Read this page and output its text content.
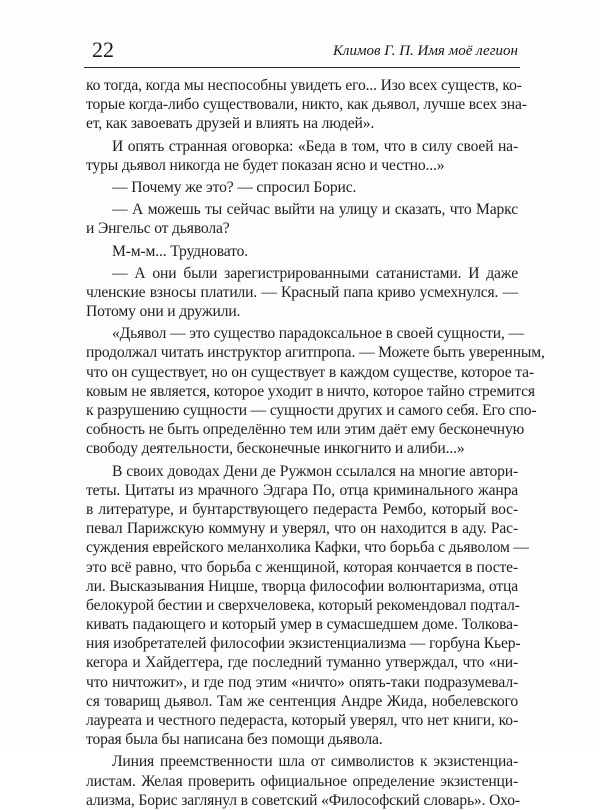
22	Климов Г. П. Имя моё легион
ко тогда, когда мы неспособны увидеть его... Изо всех существ, ко-
торые когда-либо существовали, никто, как дьявол, лучше всех зна-
ет, как завоевать друзей и влиять на людей».
И опять странная оговорка: «Беда в том, что в силу своей на-
туры дьявол никогда не будет показан ясно и честно...»
— Почему же это? — спросил Борис.
— А можешь ты сейчас выйти на улицу и сказать, что Маркс
и Энгельс от дьявола?
М-м-м... Трудновато.
— А они были зарегистрированными сатанистами. И даже
членские взносы платили. — Красный папа криво усмехнулся. —
Потому они и дружили.
«Дьявол — это существо парадоксальное в своей сущности, —
продолжал читать инструктор агитпропа. — Можете быть уверенным,
что он существует, но он существует в каждом существе, которое та-
ковым не является, которое уходит в ничто, которое тайно стремится
к разрушению сущности — сущности других и самого себя. Его спо-
собность не быть определённо тем или этим даёт ему бесконечную
свободу деятельности, бесконечные инкогнито и алиби...»
В своих доводах Дени де Ружмон ссылался на многие автори-
теты. Цитаты из мрачного Эдгара По, отца криминального жанра
в литературе, и бунтарствующего педераста Рембо, который вос-
певал Парижскую коммуну и уверял, что он находится в аду. Рас-
суждения еврейского меланхолика Кафки, что борьба с дьяволом —
это всё равно, что борьба с женщиной, которая кончается в посте-
ли. Высказывания Ницше, творца философии волюнтаризма, отца
белокурой бестии и сверхчеловека, который рекомендовал подтал-
кивать падающего и который умер в сумасшедшем доме. Толкова-
ния изобретателей философии экзистенциализма — горбуна Кьер-
кегора и Хайдеггера, где последний туманно утверждал, что «ни-
что ничтожит», и где под этим «ничто» опять-таки подразумевал-
ся товарищ дьявол. Там же сентенция Андре Жида, нобелевского
лауреата и честного педераста, который уверял, что нет книги, ко-
торая была бы написана без помощи дьявола.
Линия преемственности шла от символистов к экзистенциа-
листам. Желая проверить официальное определение экзистенци-
ализма, Борис заглянул в советский «Философский словарь». Охо-
